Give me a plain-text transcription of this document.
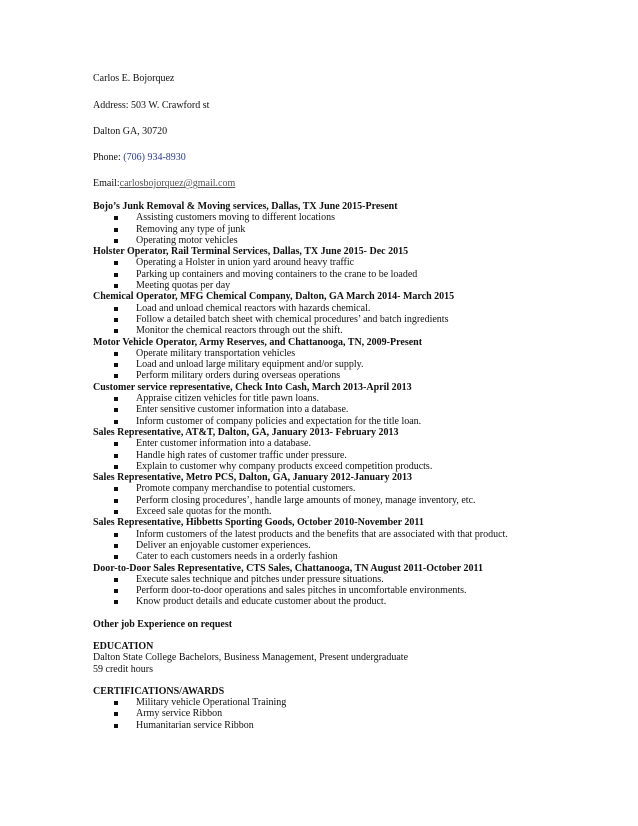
Carlos E. Bojorquez
Address: 503 W. Crawford st
Dalton GA, 30720
Phone: (706) 934-8930
Email:carlosbojorquez@gmail.com
Bojo’s Junk Removal & Moving services, Dallas, TX June 2015-Present
Assisting customers moving to different locations
Removing any type of junk
Operating motor vehicles
Holster Operator, Rail Terminal Services, Dallas, TX June 2015- Dec 2015
Operating a Holster in union yard around heavy traffic
Parking up containers and moving containers to the crane to be loaded
Meeting quotas per day
Chemical Operator, MFG Chemical Company, Dalton, GA March 2014- March 2015
Load and unload chemical reactors with hazards chemical.
Follow a detailed batch sheet with chemical procedures’ and batch ingredients
Monitor the chemical reactors through out the shift.
Motor Vehicle Operator, Army Reserves, and Chattanooga, TN, 2009-Present
Operate military transportation vehicles
Load and unload large military equipment and/or supply.
Perform military orders during overseas operations
Customer service representative, Check Into Cash, March 2013-April 2013
Appraise citizen vehicles for title pawn loans.
Enter sensitive customer information into a database.
Inform customer of company policies and expectation for the title loan.
Sales Representative, AT&T, Dalton, GA, January 2013- February 2013
Enter customer information into a database.
Handle high rates of customer traffic under pressure.
Explain to customer why company products exceed competition products.
Sales Representative, Metro PCS, Dalton, GA, January 2012-January 2013
Promote company merchandise to potential customers.
Perform closing procedures’, handle large amounts of money, manage inventory, etc.
Exceed sale quotas for the month.
Sales Representative, Hibbetts Sporting Goods, October 2010-November 2011
Inform customers of the latest products and the benefits that are associated with that product.
Deliver an enjoyable customer experiences.
Cater to each customers needs in a orderly fashion
Door-to-Door Sales Representative, CTS Sales, Chattanooga, TN August 2011-October 2011
Execute sales technique and pitches under pressure situations.
Perform door-to-door operations and sales pitches in uncomfortable environments.
Know product details and educate customer about the product.
Other job Experience on request
EDUCATION
Dalton State College Bachelors, Business Management, Present undergraduate
59 credit hours
CERTIFICATIONS/AWARDS
Military vehicle Operational Training
Army service Ribbon
Humanitarian service Ribbon
